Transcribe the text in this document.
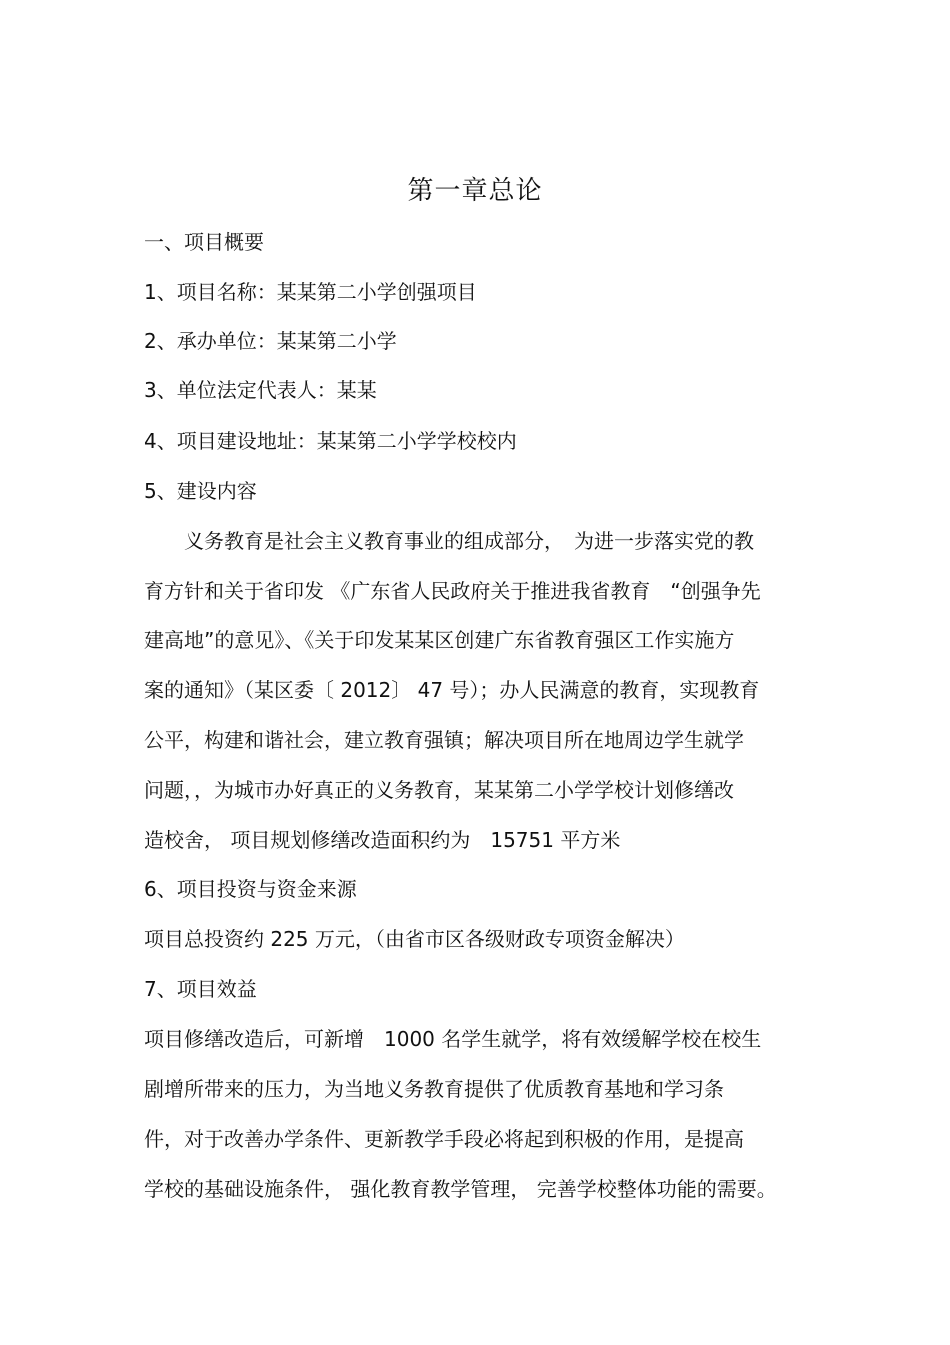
第一章总论
一、项目概要
1、项目名称：某某第二小学创强项目
2、承办单位：某某第二小学
3、单位法定代表人：某某
4、项目建设地址：某某第二小学学校校内
5、建设内容
　　义务教育是社会主义教育事业的组成部分，　为进一步落实党的教
育方针和关于省印发 《广东省人民政府关于推进我省教育　“创强争先
建高地”的意见》、《关于印发某某区创建广东省教育强区工作实施方
案的通知》（某区委〔 2012〕 47 号）；办人民满意的教育，实现教育
公平，构建和谐社会，建立教育强镇；解决项目所在地周边学生就学
问题，，为城市办好真正的义务教育，某某第二小学学校计划修缮改
造校舍， 项目规划修缮改造面积约为　15751 平方米
6、项目投资与资金来源
项目总投资约 225 万元，（由省市区各级财政专项资金解决）
7、项目效益
项目修缮改造后，可新增　1000 名学生就学，将有效缓解学校在校生
剧增所带来的压力，为当地义务教育提供了优质教育基地和学习条
件，对于改善办学条件、更新教学手段必将起到积极的作用，是提高
学校的基础设施条件， 强化教育教学管理， 完善学校整体功能的需要。
